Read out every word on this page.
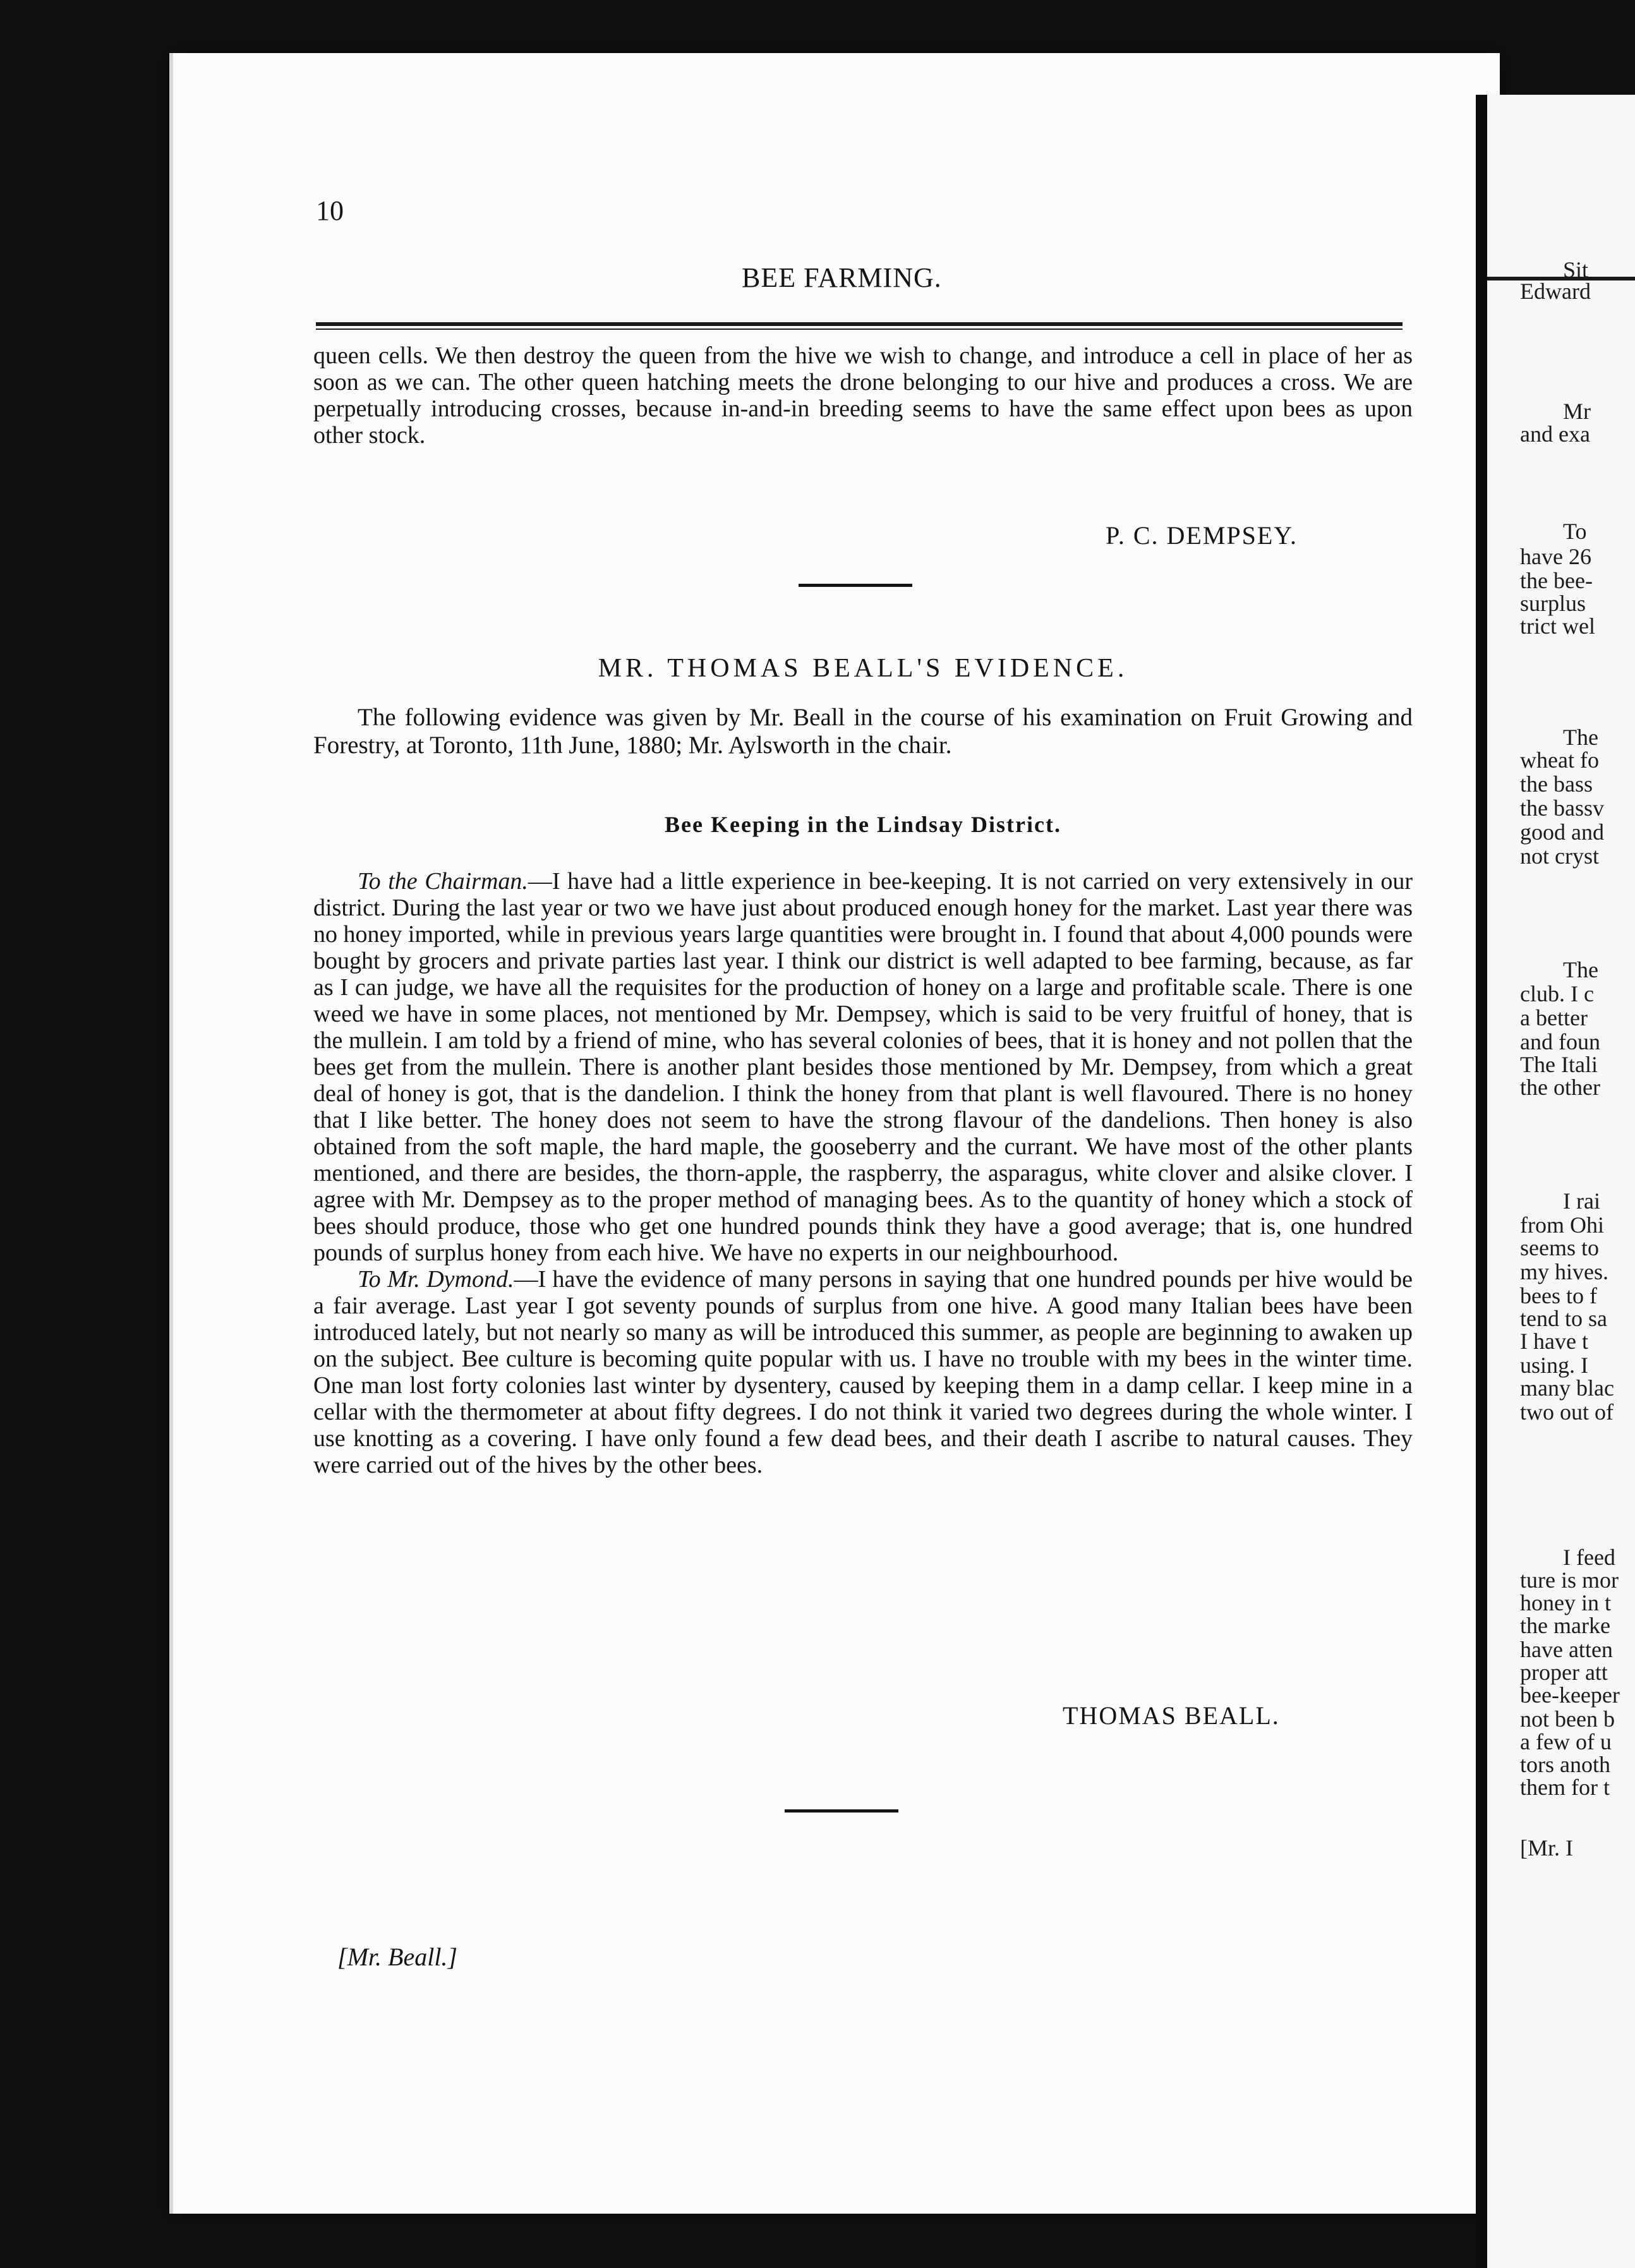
10
BEE FARMING.

queen cells. We then destroy the queen from the hive we wish to change, and introduce a cell in place of her as soon as we can. The other queen hatching meets the drone belonging to our hive and produces a cross. We are perpetually introducing crosses, because in-and-in breeding seems to have the same effect upon bees as upon other stock.

P. C. DEMPSEY.
MR. THOMAS BEALL'S EVIDENCE.
The following evidence was given by Mr. Beall in the course of his examination on Fruit Growing and Forestry, at Toronto, 11th June, 1880; Mr. Aylsworth in the chair.
Bee Keeping in the Lindsay District.

To the Chairman.—I have had a little experience in bee-keeping. It is not carried on very extensively in our district. During the last year or two we have just about produced enough honey for the market. Last year there was no honey imported, while in previous years large quantities were brought in. I found that about 4,000 pounds were bought by grocers and private parties last year. I think our district is well adapted to bee farming, because, as far as I can judge, we have all the requisites for the production of honey on a large and profitable scale. There is one weed we have in some places, not mentioned by Mr. Dempsey, which is said to be very fruitful of honey, that is the mullein. I am told by a friend of mine, who has several colonies of bees, that it is honey and not pollen that the bees get from the mullein. There is another plant besides those mentioned by Mr. Dempsey, from which a great deal of honey is got, that is the dandelion. I think the honey from that plant is well flavoured. There is no honey that I like better. The honey does not seem to have the strong flavour of the dandelions. Then honey is also obtained from the soft maple, the hard maple, the gooseberry and the currant. We have most of the other plants mentioned, and there are besides, the thorn-apple, the raspberry, the asparagus, white clover and alsike clover. I agree with Mr. Dempsey as to the proper method of managing bees. As to the quantity of honey which a stock of bees should produce, those who get one hundred pounds think they have a good average; that is, one hundred pounds of surplus honey from each hive. We have no experts in our neighbourhood.

To Mr. Dymond.—I have the evidence of many persons in saying that one hundred pounds per hive would be a fair average. Last year I got seventy pounds of surplus from one hive. A good many Italian bees have been introduced lately, but not nearly so many as will be introduced this summer, as people are beginning to awaken up on the subject. Bee culture is becoming quite popular with us. I have no trouble with my bees in the winter time. One man lost forty colonies last winter by dysentery, caused by keeping them in a damp cellar. I keep mine in a cellar with the thermometer at about fifty degrees. I do not think it varied two degrees during the whole winter. I use knotting as a covering. I have only found a few dead bees, and their death I ascribe to natural causes. They were carried out of the hives by the other bees.

THOMAS BEALL.
[Mr. Beall.]
Sit
Edward
Mr
and exa
To
have 26
the bee-
surplus
trict wel
The
wheat fo
the bass
the bassv
good and
not cryst
The
club. I c
a better
and foun
The Itali
the other
I rai
from Ohi
seems to
my hives.
bees to f
tend to sa
I have t
using. I
many blac
two out of
I feed
ture is mor
honey in t
the marke
have atten
proper att
bee-keeper
not been b
a few of u
tors anoth
them for t
[Mr. I
